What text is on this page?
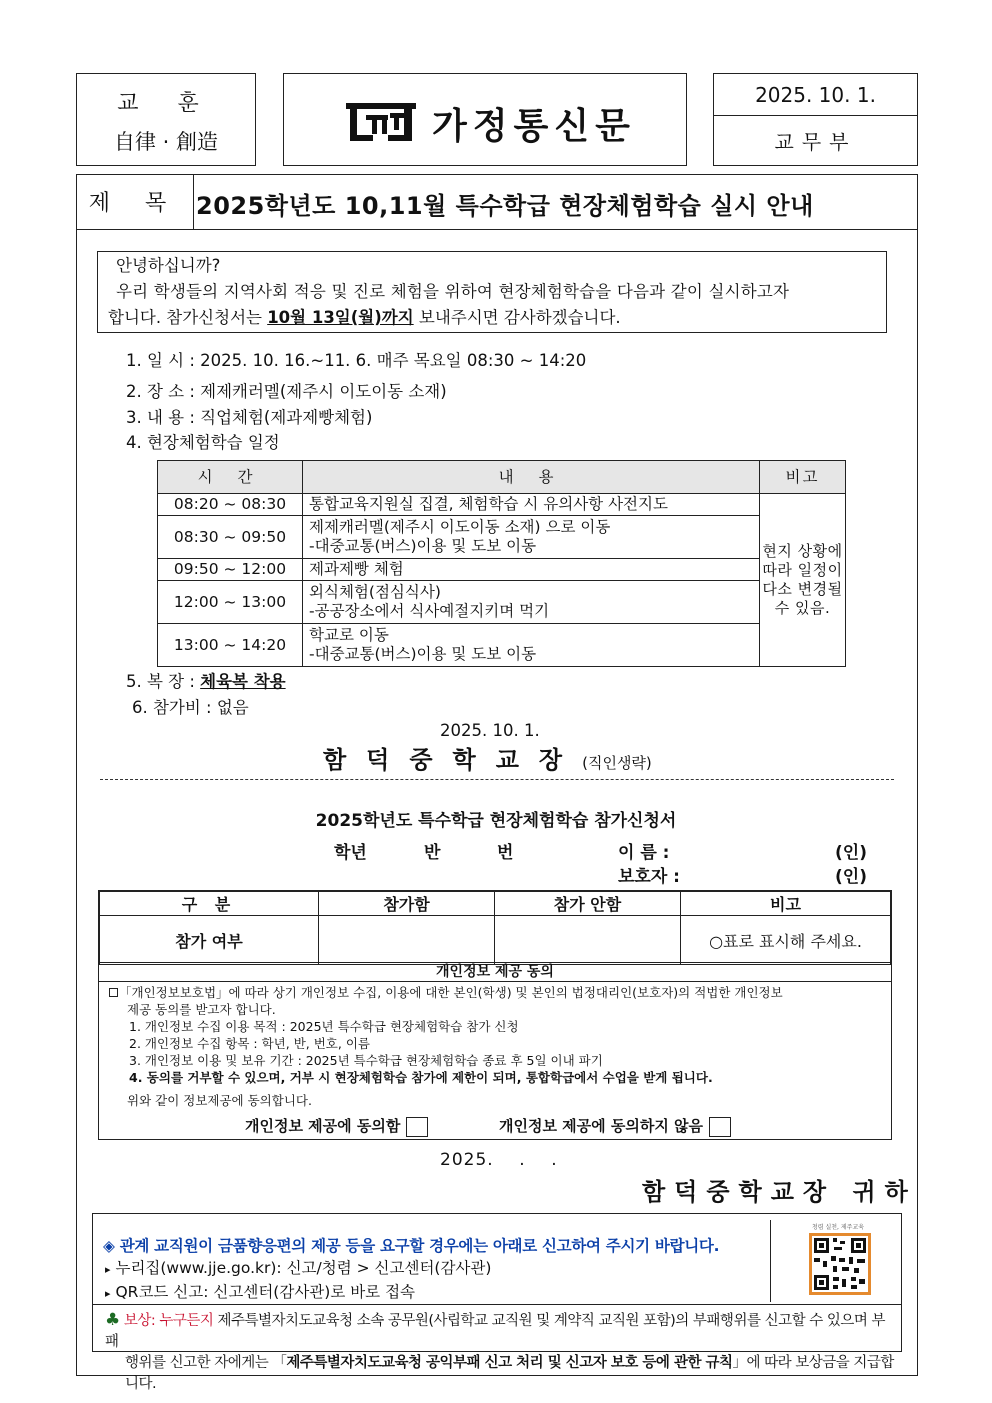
교 훈
自律 · 創造	가정통신문
2025. 10. 1.
교무부
제 목 2025학년도 10,11월 특수학급 현장체험학습 실시 안내
안녕하십니까?
우리 학생들의 지역사회 적응 및 진로 체험을 위하여 현장체험학습을 다음과 같이 실시하고자
합니다. 참가신청서는 10월 13일(월)까지 보내주시면 감사하겠습니다.
1. 일 시 : 2025. 10. 16.~11. 6. 매주 목요일 08:30 ~ 14:20
2. 장 소 : 제제캐러멜(제주시 이도이동 소재)
3. 내 용 : 직업체험(제과제빵체험)
4. 현장체험학습 일정
시 간	내 용	비고
08:20 ~ 08:30	통합교육지원실 집결, 체험학습 시 유의사항 사전지도	현지 상황에 따라 일정이 다소 변경될 수 있음.
08:30 ~ 09:50	제제캐러멜(제주시 이도이동 소재) 으로 이동
-대중교통(버스)이용 및 도보 이동	

09:50 ~ 12:00	제과제빵 체험	

12:00 ~ 13:00	외식체험(점심식사)
-공공장소에서 식사예절지키며 먹기	

13:00 ~ 14:20	학교로 이동
-대중교통(버스)이용 및 도보 이동	
5. 복 장 : 체육복 착용
6. 참가비 : 없음
2025. 10. 1.
함덕중학교장(직인생략)
2025학년도 특수학급 현장체험학습 참가신청서
학년	반	번	이 름 :	(인)
보호자 :	(인)
구 분	참가함	참가 안함	비고
참가 여부			○표로 표시해 주세요.
개인정보 제공 동의
「개인정보보호법」에 따라 상기 개인정보 수집, 이용에 대한 본인(학생) 및 본인의 법정대리인(보호자)의 적법한 개인정보
제공 동의를 받고자 합니다.
1. 개인정보 수집 이용 목적 : 2025년 특수학급 현장체험학습 참가 신청
2. 개인정보 수집 항목 : 학년, 반, 번호, 이름
3. 개인정보 이용 및 보유 기간 : 2025년 특수학급 현장체험학습 종료 후 5일 이내 파기
4. 동의를 거부할 수 있으며, 거부 시 현장체험학습 참가에 제한이 되며, 통합학급에서 수업을 받게 됩니다.
위와 같이 정보제공에 동의합니다.
개인정보 제공에 동의함	개인정보 제공에 동의하지 않음
2025.    .    .
함덕중학교장 귀하
◈ 관계 교직원이 금품향응편의 제공 등을 요구할 경우에는 아래로 신고하여 주시기 바랍니다.
▸ 누리집(www.jje.go.kr): 신고/청렴 > 신고센터(감사관)
▸ QR코드 신고: 신고센터(감사관)로 바로 접속
청렴 실천, 제주교육
♣ 보상: 누구든지 제주특별자치도교육청 소속 공무원(사립학교 교직원 및 계약직 교직원 포함)의 부패행위를 신고할 수 있으며 부패
행위를 신고한 자에게는 「제주특별자치도교육청 공익부패 신고 처리 및 신고자 보호 등에 관한 규칙」에 따라 보상금을 지급합니다.
